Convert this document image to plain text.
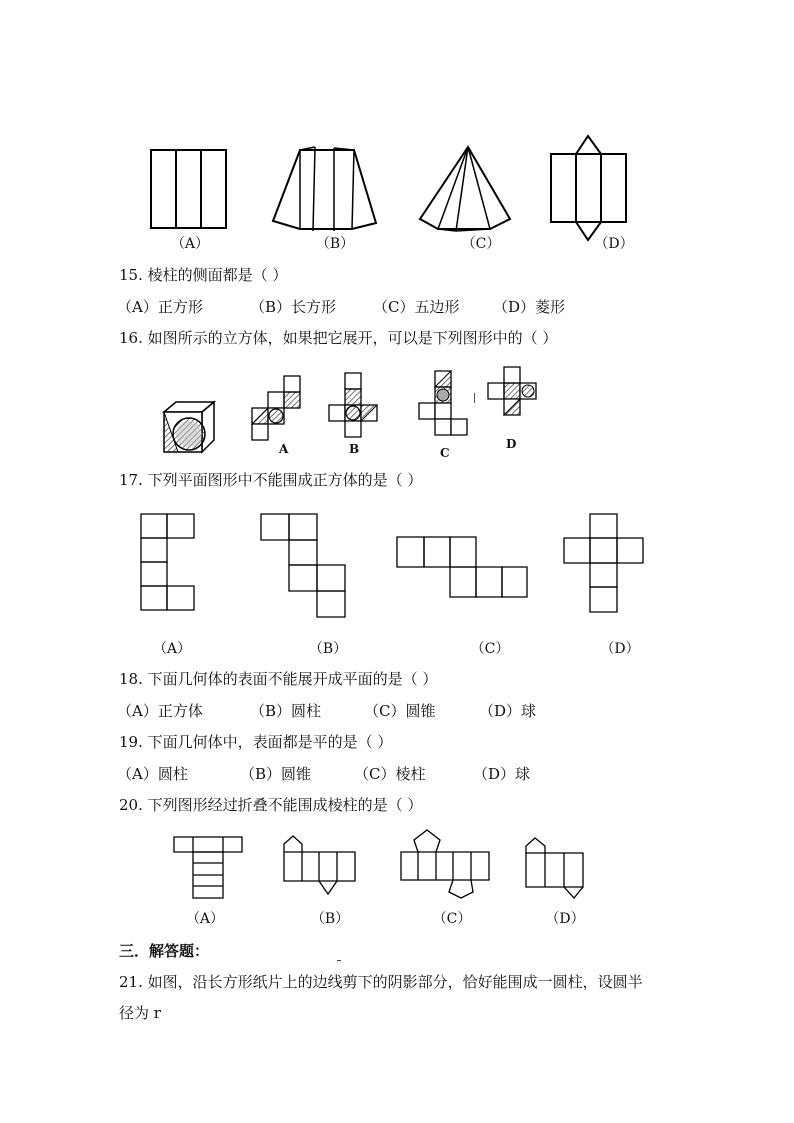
（A）	（B）	（C）	（D）
15. 棱柱的侧面都是（ ）
（A）正方形	（B）长方形 （C）五边形 （D）菱形
16. 如图所示的立方体，如果把它展开，可以是下列图形中的（ ）
A	B	C
D
17. 下列平面图形中不能围成正方体的是（ ）
（A）	（B）	（C）	（D）
18. 下面几何体的表面不能展开成平面的是（ ）
（A）正方体	（B）圆柱	（C）圆锥	（D）球
19. 下面几何体中，表面都是平的是（ ）
（A）圆柱	（B）圆锥	（C）棱柱	（D）球
20. 下列图形经过折叠不能围成棱柱的是（ ）
（A）	（B）	（C）	（D）
三．解答题：
21. 如图，沿长方形纸片上的边线剪下的阴影部分，恰好能围成一圆柱，设圆半
径为 r
